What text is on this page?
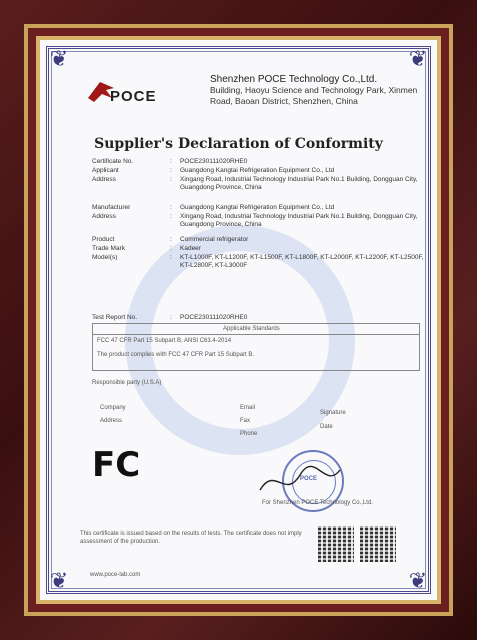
❦	❦
❦	❦
POCE
Shenzhen POCE Technology Co.,Ltd.
Building, Haoyu Science and Technology Park, Xinmen Road, Baoan District, Shenzhen, China
Supplier's Declaration of Conformity
Certificate No.	: POCE230111020RHE0
Applicant	: Guangdong Kangtai Refrigeration Equipment Co., Ltd
Address	: Xingang Road, Industrial Technology Industrial Park No.1 Building, Dongguan City, Guangdong Province, China
Manufacturer	: Guangdong Kangtai Refrigeration Equipment Co., Ltd
Address	: Xingang Road, Industrial Technology Industrial Park No.1 Building, Dongguan City, Guangdong Province, China
Product	: Commercial refrigerator
Trade Mark	: Kadeer
Model(s)	: KT-L1000F, KT-L1200F, KT-L1500F, KT-L1800F, KT-L2000F, KT-L2200F, KT-L2500F, KT-L2800F, KT-L3000F
Test Report No.	: POCE230111020RHE0
Applicable Standards
FCC 47 CFR Part 15 Subpart B, ANSI C63.4-2014
The product complies with FCC 47 CFR Part 15 Subpart B.
Responsible party (U.S.A)
Company	Email
Signature
Address	Fax
Date
Phone
FC	POCE
For Shenzhen POCE Technology Co.,Ltd.
This certificate is issued based on the results of tests. The certificate does not imply assessment of the production.
www.poce-lab.com
